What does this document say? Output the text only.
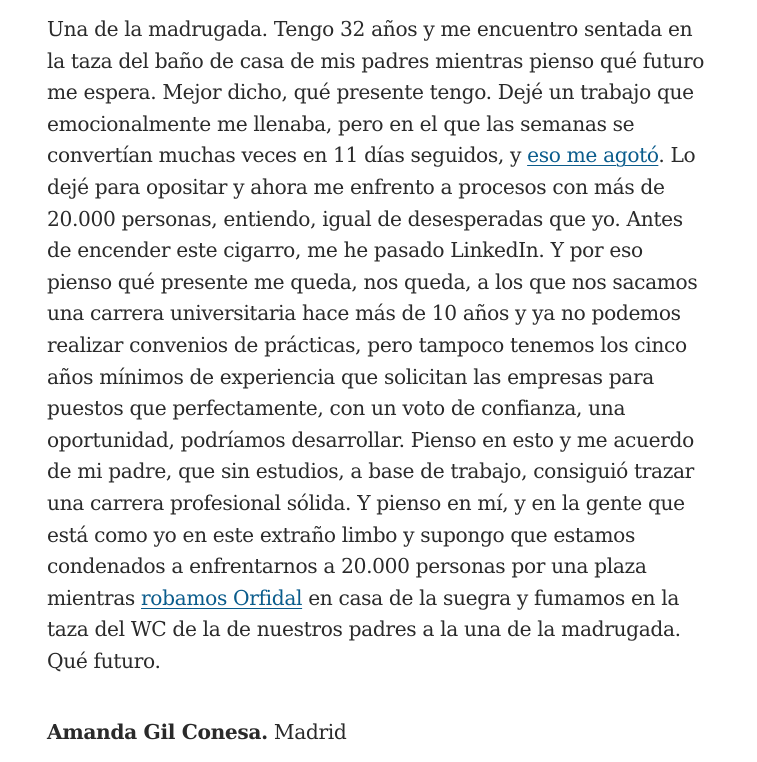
Una de la madrugada. Tengo 32 años y me encuentro sentada en la taza del baño de casa de mis padres mientras pienso qué futuro me espera. Mejor dicho, qué presente tengo. Dejé un trabajo que emocionalmente me llenaba, pero en el que las semanas se convertían muchas veces en 11 días seguidos, y eso me agotó. Lo dejé para opositar y ahora me enfrento a procesos con más de 20.000 personas, entiendo, igual de desesperadas que yo. Antes de encender este cigarro, me he pasado LinkedIn. Y por eso pienso qué presente me queda, nos queda, a los que nos sacamos una carrera universitaria hace más de 10 años y ya no podemos realizar convenios de prácticas, pero tampoco tenemos los cinco años mínimos de experiencia que solicitan las empresas para puestos que perfectamente, con un voto de confianza, una oportunidad, podríamos desarrollar. Pienso en esto y me acuerdo de mi padre, que sin estudios, a base de trabajo, consiguió trazar una carrera profesional sólida. Y pienso en mí, y en la gente que está como yo en este extraño limbo y supongo que estamos condenados a enfrentarnos a 20.000 personas por una plaza mientras robamos Orfidal en casa de la suegra y fumamos en la taza del WC de la de nuestros padres a la una de la madrugada. Qué futuro.

Amanda Gil Conesa. Madrid
